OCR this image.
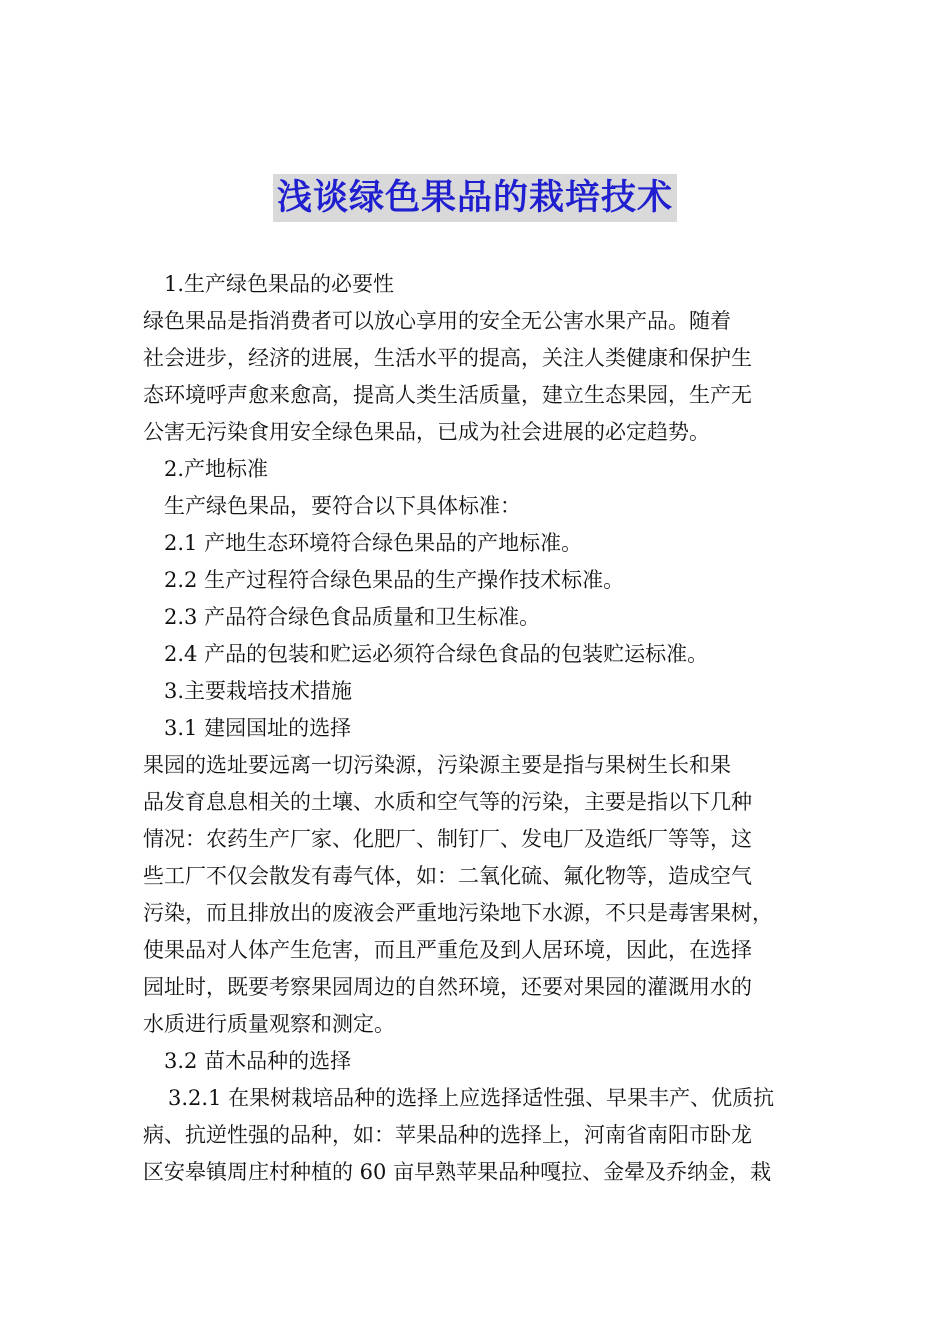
浅谈绿色果品的栽培技术

1.生产绿色果品的必要性

绿色果品是指消费者可以放心享用的安全无公害水果产品。随着

社会进步，经济的进展，生活水平的提高，关注人类健康和保护生

态环境呼声愈来愈高，提高人类生活质量，建立生态果园，生产无

公害无污染食用安全绿色果品，已成为社会进展的必定趋势。

2.产地标准

生产绿色果品，要符合以下具体标准：

2.1 产地生态环境符合绿色果品的产地标准。

2.2 生产过程符合绿色果品的生产操作技术标准。

2.3 产品符合绿色食品质量和卫生标准。

2.4 产品的包装和贮运必须符合绿色食品的包装贮运标准。

3.主要栽培技术措施

3.1 建园国址的选择

果园的选址要远离一切污染源，污染源主要是指与果树生长和果

品发育息息相关的土壤、水质和空气等的污染，主要是指以下几种

情况：农药生产厂家、化肥厂、制钉厂、发电厂及造纸厂等等，这

些工厂不仅会散发有毒气体，如：二氧化硫、氟化物等，造成空气

污染，而且排放出的废液会严重地污染地下水源，不只是毒害果树，

使果品对人体产生危害，而且严重危及到人居环境，因此，在选择

园址时，既要考察果园周边的自然环境，还要对果园的灌溉用水的

水质进行质量观察和测定。

3.2 苗木品种的选择

3.2.1 在果树栽培品种的选择上应选择适性强、早果丰产、优质抗

病、抗逆性强的品种，如：苹果品种的选择上，河南省南阳市卧龙

区安皋镇周庄村种植的 60 亩早熟苹果品种嘎拉、金晕及乔纳金，栽
